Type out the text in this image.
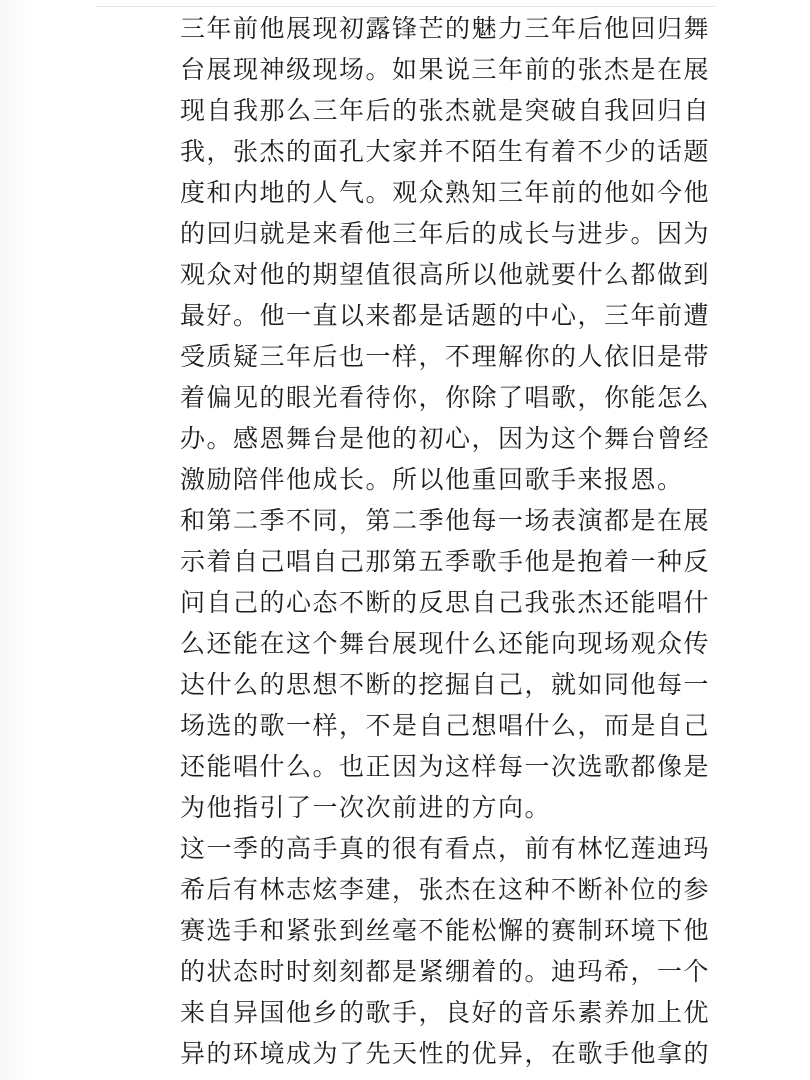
三年前他展现初露锋芒的魅力三年后他回归舞
台展现神级现场。如果说三年前的张杰是在展
现自我那么三年后的张杰就是突破自我回归自
我，张杰的面孔大家并不陌生有着不少的话题
度和内地的人气。观众熟知三年前的他如今他
的回归就是来看他三年后的成长与进步。因为
观众对他的期望值很高所以他就要什么都做到
最好。他一直以来都是话题的中心，三年前遭
受质疑三年后也一样，不理解你的人依旧是带
着偏见的眼光看待你，你除了唱歌，你能怎么
办。感恩舞台是他的初心，因为这个舞台曾经
激励陪伴他成长。所以他重回歌手来报恩。
和第二季不同，第二季他每一场表演都是在展
示着自己唱自己那第五季歌手他是抱着一种反
问自己的心态不断的反思自己我张杰还能唱什
么还能在这个舞台展现什么还能向现场观众传
达什么的思想不断的挖掘自己，就如同他每一
场选的歌一样，不是自己想唱什么，而是自己
还能唱什么。也正因为这样每一次选歌都像是
为他指引了一次次前进的方向。
这一季的高手真的很有看点，前有林忆莲迪玛
希后有林志炫李建，张杰在这种不断补位的参
赛选手和紧张到丝毫不能松懈的赛制环境下他
的状态时时刻刻都是紧绷着的。迪玛希，一个
来自异国他乡的歌手，良好的音乐素养加上优
异的环境成为了先天性的优异，在歌手他拿的
